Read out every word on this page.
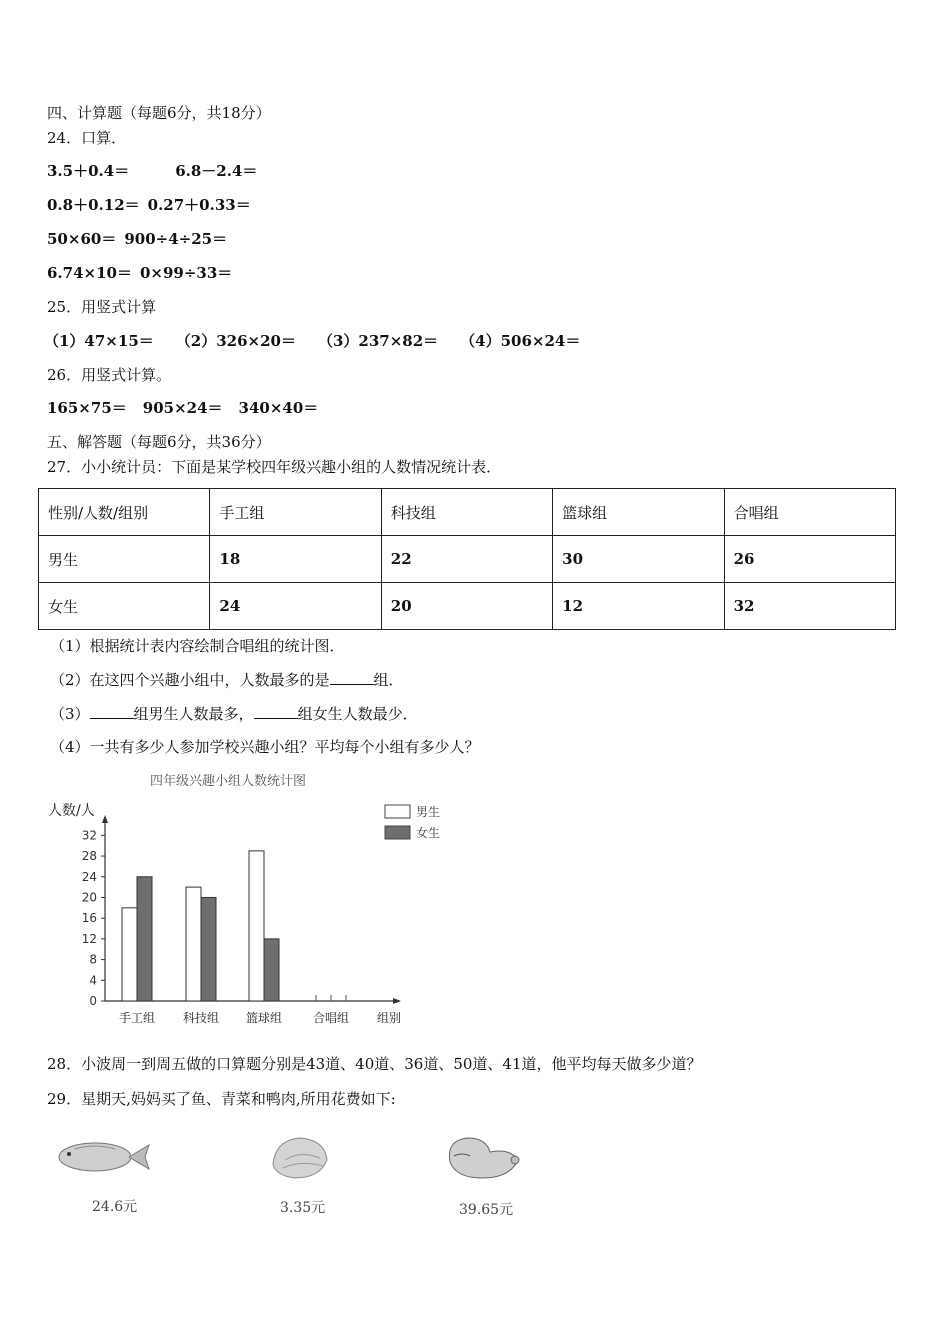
四、计算题（每题6分，共18分）
24．口算．
3.5＋0.4＝	6.8－2.4＝
0.8＋0.12＝ 0.27＋0.33＝
50×60＝ 900÷4÷25＝
6.74×10＝ 0×99÷33＝
25．用竖式计算
（1）47×15＝ （2）326×20＝ （3）237×82＝ （4）506×24＝
26．用竖式计算。
165×75＝ 905×24＝ 340×40＝
五、解答题（每题6分，共36分）
27．小小统计员：下面是某学校四年级兴趣小组的人数情况统计表．
性别/人数/组别	手工组	科技组	篮球组	合唱组
男生	18	22	30	26
女生	24	20	12	32
（1）根据统计表内容绘制合唱组的统计图．
（2）在这四个兴趣小组中，人数最多的是	组．
（3）	组男生人数最多，	组女生人数最少．
（4）一共有多少人参加学校兴趣小组？平均每个小组有多少人？
四年级兴趣小组人数统计图
人数/人
0
4
8
12
16
20
24
28
32
手工组 科技组 篮球组	合唱组 组别
男生
女生
28．小波周一到周五做的口算题分别是43道、40道、36道、50道、41道，他平均每天做多少道？
29．星期天,妈妈买了鱼、青菜和鸭肉,所用花费如下:
24.6元	3.35元	39.65元
